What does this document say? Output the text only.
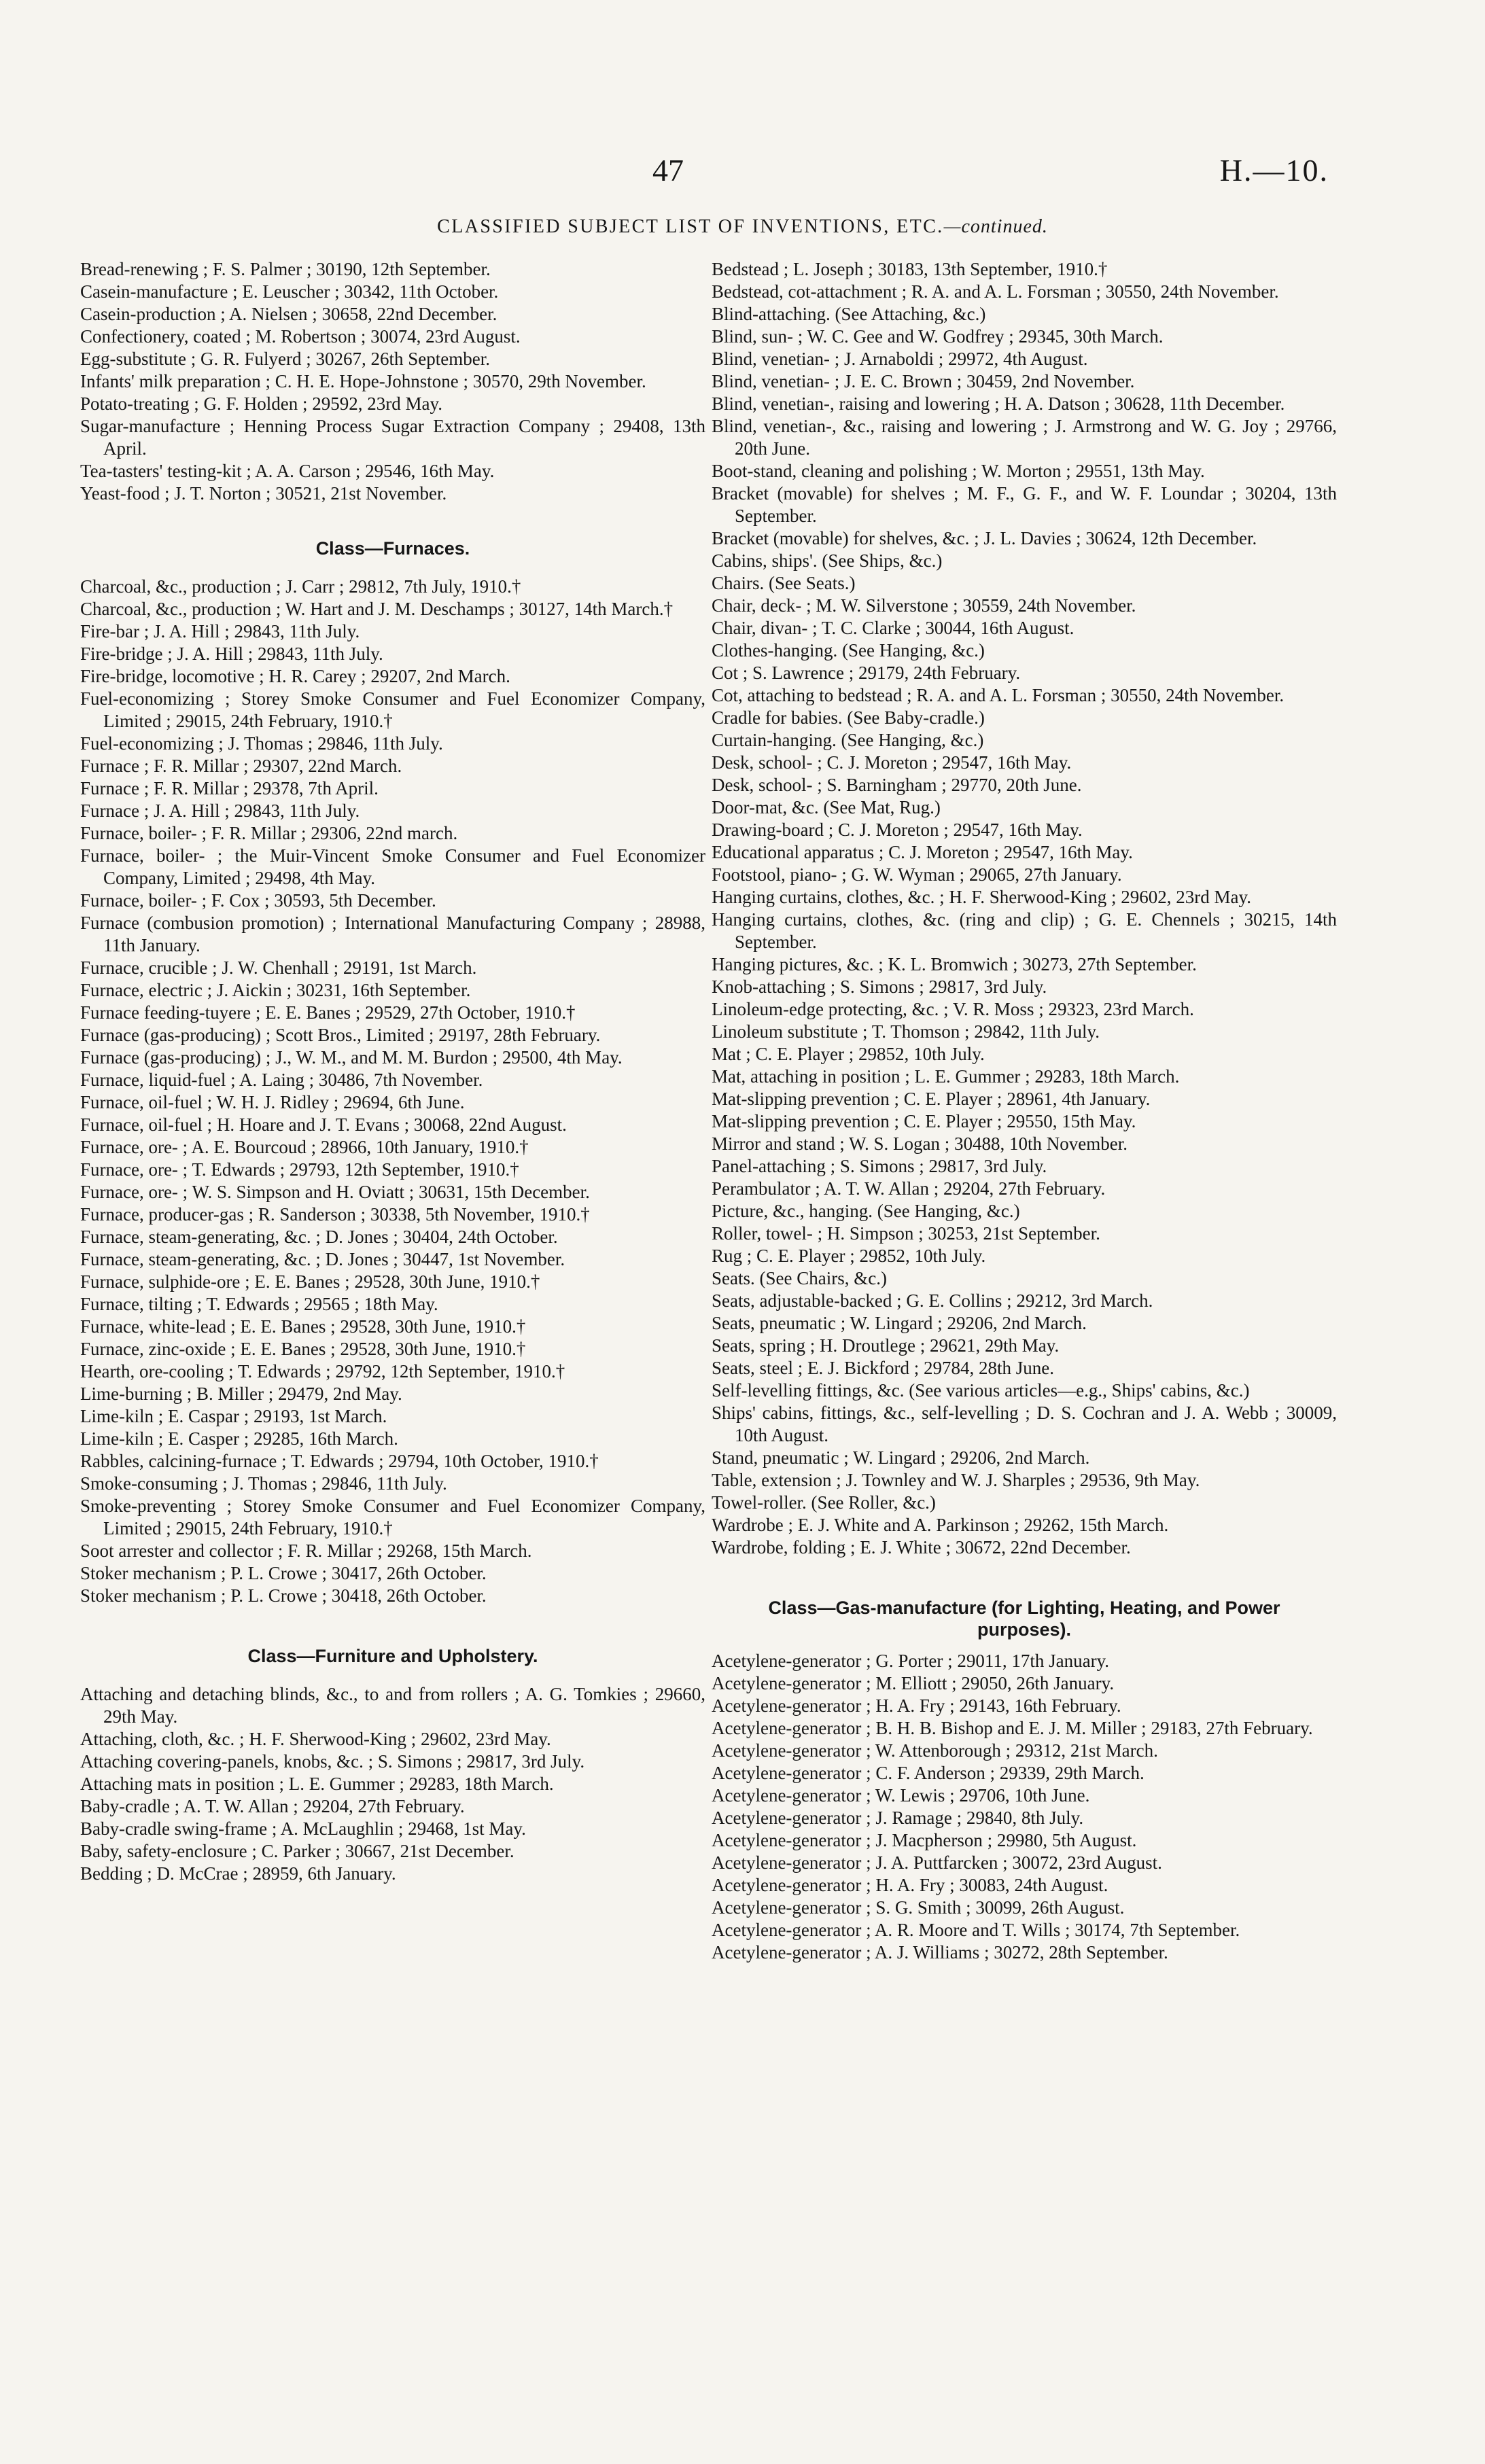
47	H.—10.
CLASSIFIED SUBJECT LIST OF INVENTIONS, ETC.—continued.

Bread-renewing ; F. S. Palmer ; 30190, 12th September.

Casein-manufacture ; E. Leuscher ; 30342, 11th October.

Casein-production ; A. Nielsen ; 30658, 22nd December.

Confectionery, coated ; M. Robertson ; 30074, 23rd August.

Egg-substitute ; G. R. Fulyerd ; 30267, 26th September.

Infants' milk preparation ; C. H. E. Hope-Johnstone ; 30570, 29th November.

Potato-treating ; G. F. Holden ; 29592, 23rd May.

Sugar-manufacture ; Henning Process Sugar Extraction Company ; 29408, 13th April.

Tea-tasters' testing-kit ; A. A. Carson ; 29546, 16th May.

Yeast-food ; J. T. Norton ; 30521, 21st November.

Class—Furnaces.

Charcoal, &c., production ; J. Carr ; 29812, 7th July, 1910.†

Charcoal, &c., production ; W. Hart and J. M. Deschamps ; 30127, 14th March.†

Fire-bar ; J. A. Hill ; 29843, 11th July.

Fire-bridge ; J. A. Hill ; 29843, 11th July.

Fire-bridge, locomotive ; H. R. Carey ; 29207, 2nd March.

Fuel-economizing ; Storey Smoke Consumer and Fuel Economizer Company, Limited ; 29015, 24th February, 1910.†

Fuel-economizing ; J. Thomas ; 29846, 11th July.

Furnace ; F. R. Millar ; 29307, 22nd March.

Furnace ; F. R. Millar ; 29378, 7th April.

Furnace ; J. A. Hill ; 29843, 11th July.

Furnace, boiler- ; F. R. Millar ; 29306, 22nd march.

Furnace, boiler- ; the Muir-Vincent Smoke Consumer and Fuel Economizer Company, Limited ; 29498, 4th May.

Furnace, boiler- ; F. Cox ; 30593, 5th December.

Furnace (combusion promotion) ; International Manufacturing Company ; 28988, 11th January.

Furnace, crucible ; J. W. Chenhall ; 29191, 1st March.

Furnace, electric ; J. Aickin ; 30231, 16th September.

Furnace feeding-tuyere ; E. E. Banes ; 29529, 27th October, 1910.†

Furnace (gas-producing) ; Scott Bros., Limited ; 29197, 28th February.

Furnace (gas-producing) ; J., W. M., and M. M. Burdon ; 29500, 4th May.

Furnace, liquid-fuel ; A. Laing ; 30486, 7th November.

Furnace, oil-fuel ; W. H. J. Ridley ; 29694, 6th June.

Furnace, oil-fuel ; H. Hoare and J. T. Evans ; 30068, 22nd August.

Furnace, ore- ; A. E. Bourcoud ; 28966, 10th January, 1910.†

Furnace, ore- ; T. Edwards ; 29793, 12th September, 1910.†

Furnace, ore- ; W. S. Simpson and H. Oviatt ; 30631, 15th December.

Furnace, producer-gas ; R. Sanderson ; 30338, 5th November, 1910.†

Furnace, steam-generating, &c. ; D. Jones ; 30404, 24th October.

Furnace, steam-generating, &c. ; D. Jones ; 30447, 1st November.

Furnace, sulphide-ore ; E. E. Banes ; 29528, 30th June, 1910.†

Furnace, tilting ; T. Edwards ; 29565 ; 18th May.

Furnace, white-lead ; E. E. Banes ; 29528, 30th June, 1910.†

Furnace, zinc-oxide ; E. E. Banes ; 29528, 30th June, 1910.†

Hearth, ore-cooling ; T. Edwards ; 29792, 12th September, 1910.†

Lime-burning ; B. Miller ; 29479, 2nd May.

Lime-kiln ; E. Caspar ; 29193, 1st March.

Lime-kiln ; E. Casper ; 29285, 16th March.

Rabbles, calcining-furnace ; T. Edwards ; 29794, 10th October, 1910.†

Smoke-consuming ; J. Thomas ; 29846, 11th July.

Smoke-preventing ; Storey Smoke Consumer and Fuel Economizer Company, Limited ; 29015, 24th February, 1910.†

Soot arrester and collector ; F. R. Millar ; 29268, 15th March.

Stoker mechanism ; P. L. Crowe ; 30417, 26th October.

Stoker mechanism ; P. L. Crowe ; 30418, 26th October.

Class—Furniture and Upholstery.

Attaching and detaching blinds, &c., to and from rollers ; A. G. Tomkies ; 29660, 29th May.

Attaching, cloth, &c. ; H. F. Sherwood-King ; 29602, 23rd May.

Attaching covering-panels, knobs, &c. ; S. Simons ; 29817, 3rd July.

Attaching mats in position ; L. E. Gummer ; 29283, 18th March.

Baby-cradle ; A. T. W. Allan ; 29204, 27th February.

Baby-cradle swing-frame ; A. McLaughlin ; 29468, 1st May.

Baby, safety-enclosure ; C. Parker ; 30667, 21st December.

Bedding ; D. McCrae ; 28959, 6th January.

Bedstead ; L. Joseph ; 30183, 13th September, 1910.†

Bedstead, cot-attachment ; R. A. and A. L. Forsman ; 30550, 24th November.

Blind-attaching. (See Attaching, &c.)

Blind, sun- ; W. C. Gee and W. Godfrey ; 29345, 30th March.

Blind, venetian- ; J. Arnaboldi ; 29972, 4th August.

Blind, venetian- ; J. E. C. Brown ; 30459, 2nd November.

Blind, venetian-, raising and lowering ; H. A. Datson ; 30628, 11th December.

Blind, venetian-, &c., raising and lowering ; J. Armstrong and W. G. Joy ; 29766, 20th June.

Boot-stand, cleaning and polishing ; W. Morton ; 29551, 13th May.

Bracket (movable) for shelves ; M. F., G. F., and W. F. Loundar ; 30204, 13th September.

Bracket (movable) for shelves, &c. ; J. L. Davies ; 30624, 12th December.

Cabins, ships'. (See Ships, &c.)

Chairs. (See Seats.)

Chair, deck- ; M. W. Silverstone ; 30559, 24th November.

Chair, divan- ; T. C. Clarke ; 30044, 16th August.

Clothes-hanging. (See Hanging, &c.)

Cot ; S. Lawrence ; 29179, 24th February.

Cot, attaching to bedstead ; R. A. and A. L. Forsman ; 30550, 24th November.

Cradle for babies. (See Baby-cradle.)

Curtain-hanging. (See Hanging, &c.)

Desk, school- ; C. J. Moreton ; 29547, 16th May.

Desk, school- ; S. Barningham ; 29770, 20th June.

Door-mat, &c. (See Mat, Rug.)

Drawing-board ; C. J. Moreton ; 29547, 16th May.

Educational apparatus ; C. J. Moreton ; 29547, 16th May.

Footstool, piano- ; G. W. Wyman ; 29065, 27th January.

Hanging curtains, clothes, &c. ; H. F. Sherwood-King ; 29602, 23rd May.

Hanging curtains, clothes, &c. (ring and clip) ; G. E. Chennels ; 30215, 14th September.

Hanging pictures, &c. ; K. L. Bromwich ; 30273, 27th September.

Knob-attaching ; S. Simons ; 29817, 3rd July.

Linoleum-edge protecting, &c. ; V. R. Moss ; 29323, 23rd March.

Linoleum substitute ; T. Thomson ; 29842, 11th July.

Mat ; C. E. Player ; 29852, 10th July.

Mat, attaching in position ; L. E. Gummer ; 29283, 18th March.

Mat-slipping prevention ; C. E. Player ; 28961, 4th January.

Mat-slipping prevention ; C. E. Player ; 29550, 15th May.

Mirror and stand ; W. S. Logan ; 30488, 10th November.

Panel-attaching ; S. Simons ; 29817, 3rd July.

Perambulator ; A. T. W. Allan ; 29204, 27th February.

Picture, &c., hanging. (See Hanging, &c.)

Roller, towel- ; H. Simpson ; 30253, 21st September.

Rug ; C. E. Player ; 29852, 10th July.

Seats. (See Chairs, &c.)

Seats, adjustable-backed ; G. E. Collins ; 29212, 3rd March.

Seats, pneumatic ; W. Lingard ; 29206, 2nd March.

Seats, spring ; H. Droutlege ; 29621, 29th May.

Seats, steel ; E. J. Bickford ; 29784, 28th June.

Self-levelling fittings, &c. (See various articles—e.g., Ships' cabins, &c.)

Ships' cabins, fittings, &c., self-levelling ; D. S. Cochran and J. A. Webb ; 30009, 10th August.

Stand, pneumatic ; W. Lingard ; 29206, 2nd March.

Table, extension ; J. Townley and W. J. Sharples ; 29536, 9th May.

Towel-roller. (See Roller, &c.)

Wardrobe ; E. J. White and A. Parkinson ; 29262, 15th March.

Wardrobe, folding ; E. J. White ; 30672, 22nd December.

Class—Gas-manufacture (for Lighting, Heating, and Power purposes).

Acetylene-generator ; G. Porter ; 29011, 17th January.

Acetylene-generator ; M. Elliott ; 29050, 26th January.

Acetylene-generator ; H. A. Fry ; 29143, 16th February.

Acetylene-generator ; B. H. B. Bishop and E. J. M. Miller ; 29183, 27th February.

Acetylene-generator ; W. Attenborough ; 29312, 21st March.

Acetylene-generator ; C. F. Anderson ; 29339, 29th March.

Acetylene-generator ; W. Lewis ; 29706, 10th June.

Acetylene-generator ; J. Ramage ; 29840, 8th July.

Acetylene-generator ; J. Macpherson ; 29980, 5th August.

Acetylene-generator ; J. A. Puttfarcken ; 30072, 23rd August.

Acetylene-generator ; H. A. Fry ; 30083, 24th August.

Acetylene-generator ; S. G. Smith ; 30099, 26th August.

Acetylene-generator ; A. R. Moore and T. Wills ; 30174, 7th September.

Acetylene-generator ; A. J. Williams ; 30272, 28th September.
